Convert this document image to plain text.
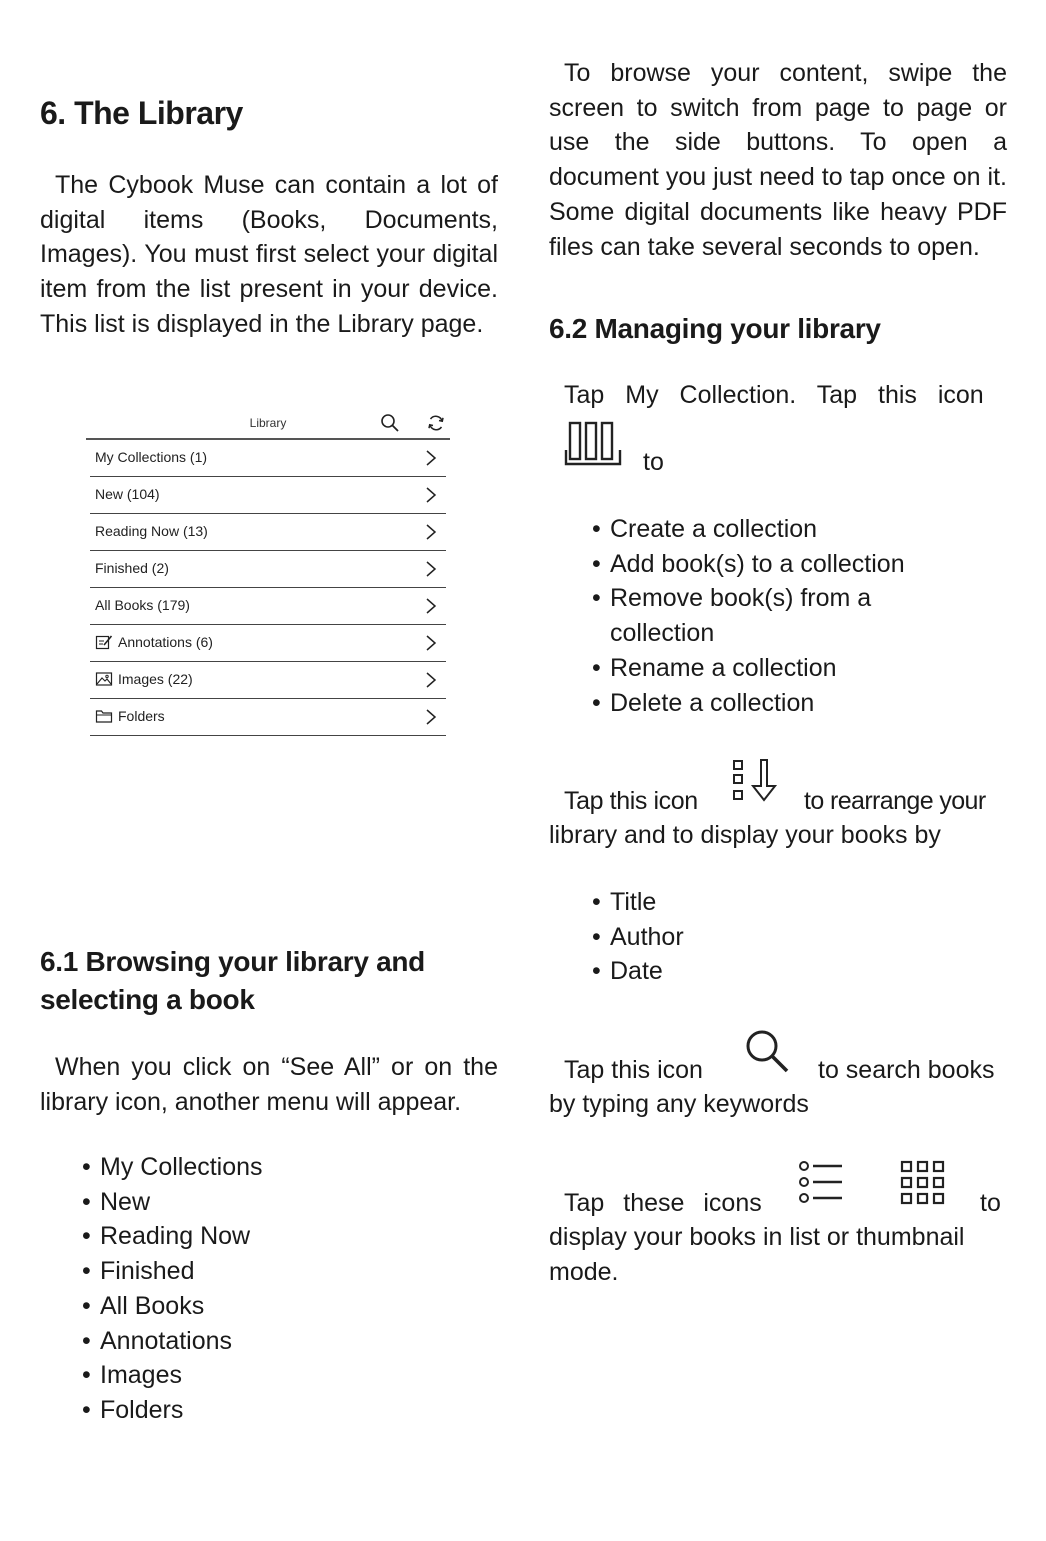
6. The Library

The Cybook Muse can contain a lot of digital items (Books, Documents, Images). You must first select your digital item from the list present in your device. This list is displayed in the Library page.

Library
My Collections (1)
New (104)
Reading Now (13)
Finished (2)
All Books (179)
Annotations (6)
Images (22)
Folders
6.1 Browsing your library and
selecting a book

When you click on “See All” or on the library icon, another menu will appear.

• My Collections
• New
• Reading Now
• Finished
• All Books
• Annotations
• Images
• Folders

To browse your content, swipe the screen to switch from page to page or use the side buttons. To open a document you just need to tap once on it. Some digital documents like heavy PDF files can take several seconds to open.

6.2 Managing your library

Tap My Collection. Tap this icon

to
• Create a collection
• Add book(s) to a collection
• Remove book(s) from a collection
• Rename a collection
• Delete a collection
Tap this icon	to rearrange your
library and to display your books by
• Title
• Author
• Date
Tap this icon	to search books
by typing any keywords
Tap these icons	to

display your books in list or thumbnail mode.
